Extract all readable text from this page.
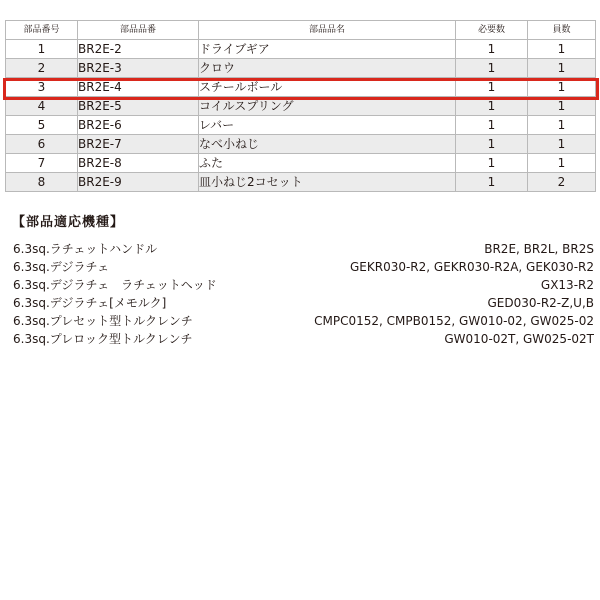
部品番号	部品品番	部品品名	必要数	員数
1	BR2E-2	ドライブギア	1	1
2	BR2E-3	クロウ	1	1
3	BR2E-4	スチールボール	1	1
4	BR2E-5	コイルスプリング	1	1
5	BR2E-6	レバー	1	1
6	BR2E-7	なべ小ねじ	1	1
7	BR2E-8	ふた	1	1
8	BR2E-9	皿小ねじ2コセット	1	2
【部品適応機種】
6.3sq.ラチェットハンドル	BR2E, BR2L, BR2S
6.3sq.デジラチェ	GEKR030-R2, GEKR030-R2A, GEK030-R2
6.3sq.デジラチェ　ラチェットヘッド	GX13-R2
6.3sq.デジラチェ[メモルク]	GED030-R2-Z,U,B
6.3sq.プレセット型トルクレンチ	CMPC0152, CMPB0152, GW010-02, GW025-02
6.3sq.プレロック型トルクレンチ	GW010-02T, GW025-02T
